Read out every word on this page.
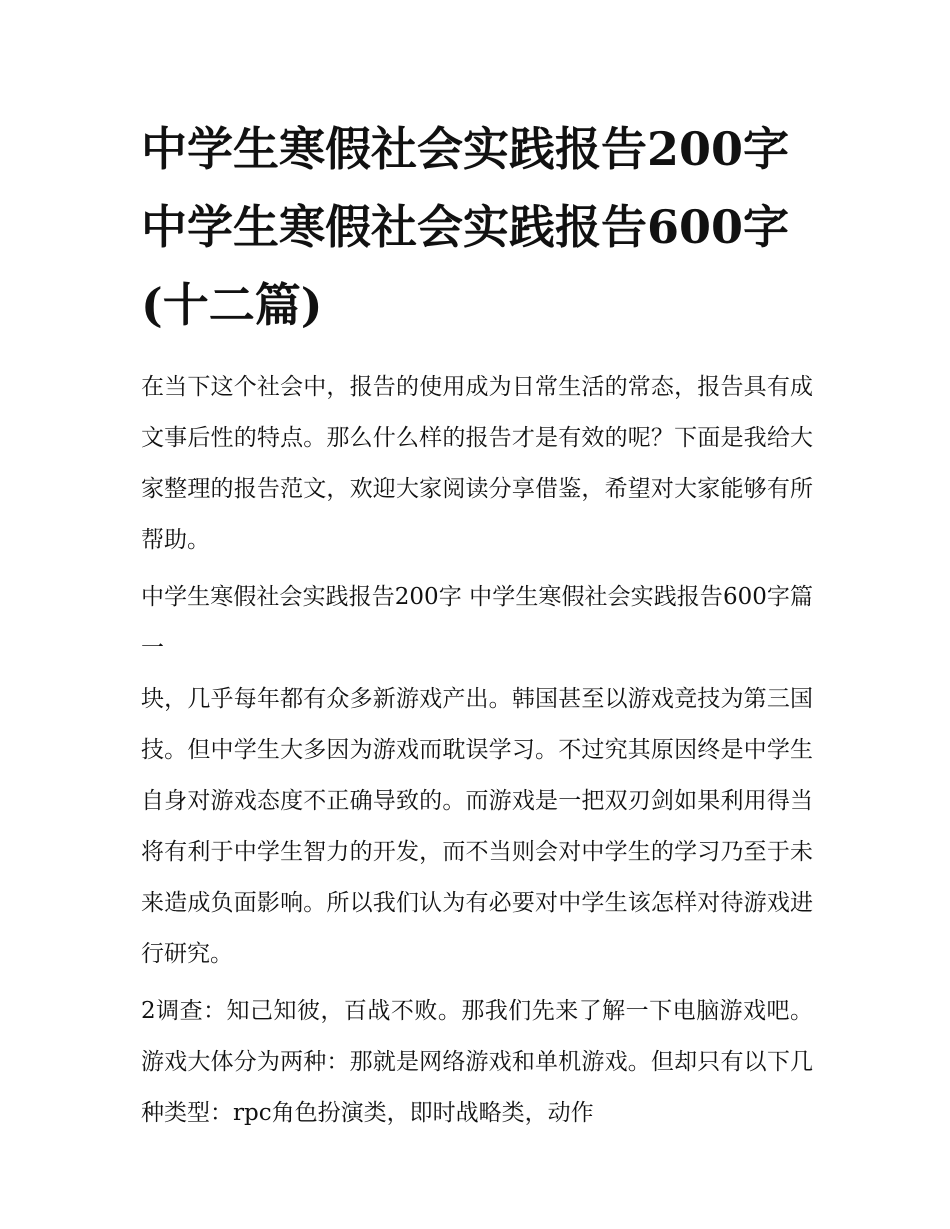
中学生寒假社会实践报告200字 中学生寒假社会实践报告600字(十二篇)

在当下这个社会中，报告的使用成为日常生活的常态，报告具有成文事后性的特点。那么什么样的报告才是有效的呢？下面是我给大家整理的报告范文，欢迎大家阅读分享借鉴，希望对大家能够有所帮助。

中学生寒假社会实践报告200字 中学生寒假社会实践报告600字篇一

块，几乎每年都有众多新游戏产出。韩国甚至以游戏竞技为第三国技。但中学生大多因为游戏而耽误学习。不过究其原因终是中学生自身对游戏态度不正确导致的。而游戏是一把双刃剑如果利用得当将有利于中学生智力的开发，而不当则会对中学生的学习乃至于未来造成负面影响。所以我们认为有必要对中学生该怎样对待游戏进行研究。

2调查：知己知彼，百战不败。那我们先来了解一下电脑游戏吧。游戏大体分为两种：那就是网络游戏和单机游戏。但却只有以下几种类型：rpc角色扮演类，即时战略类，动作
